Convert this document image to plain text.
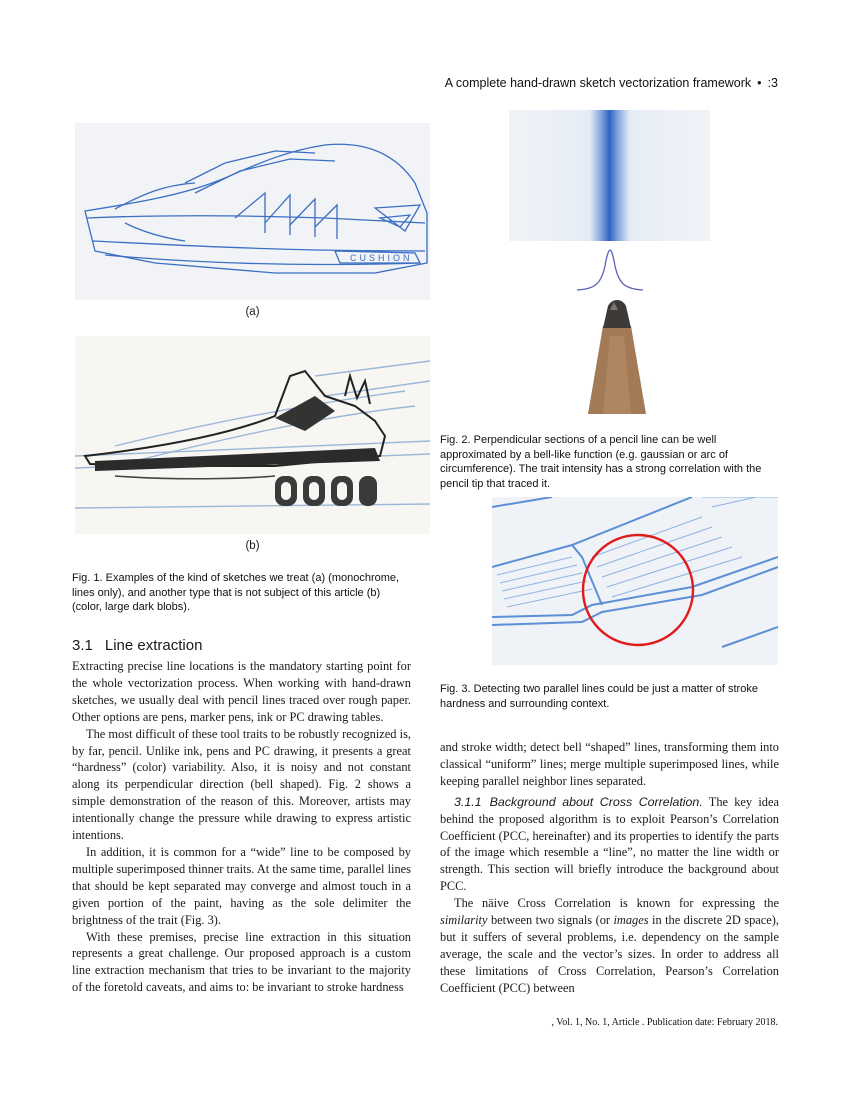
A complete hand-drawn sketch vectorization framework • :3
CUSHION
(a)
(b)
Fig. 1. Examples of the kind of sketches we treat (a) (monochrome, lines only), and another type that is not subject of this article (b) (color, large dark blobs).
Fig. 2. Perpendicular sections of a pencil line can be well approximated by a bell-like function (e.g. gaussian or arc of circumference). The trait intensity has a strong correlation with the pencil tip that traced it.
Fig. 3. Detecting two parallel lines could be just a matter of stroke hardness and surrounding context.
3.1 Line extraction

Extracting precise line locations is the mandatory starting point for the whole vectorization process. When working with hand-drawn sketches, we usually deal with pencil lines traced over rough paper. Other options are pens, marker pens, ink or PC drawing tables.

The most difficult of these tool traits to be robustly recognized is, by far, pencil. Unlike ink, pens and PC drawing, it presents a great “hardness” (color) variability. Also, it is noisy and not constant along its perpendicular direction (bell shaped). Fig. 2 shows a simple demonstration of the reason of this. Moreover, artists may intentionally change the pressure while drawing to express artistic intentions.

In addition, it is common for a “wide” line to be composed by multiple superimposed thinner traits. At the same time, parallel lines that should be kept separated may converge and almost touch in a given portion of the paint, having as the sole delimiter the brightness of the trait (Fig. 3).

With these premises, precise line extraction in this situation represents a great challenge. Our proposed approach is a custom line extraction mechanism that tries to be invariant to the majority of the foretold caveats, and aims to: be invariant to stroke hardness

and stroke width; detect bell “shaped” lines, transforming them into classical “uniform” lines; merge multiple superimposed lines, while keeping parallel neighbor lines separated.

3.1.1 Background about Cross Correlation. The key idea behind the proposed algorithm is to exploit Pearson’s Correlation Coefficient (PCC, hereinafter) and its properties to identify the parts of the image which resemble a “line”, no matter the line width or strength. This section will briefly introduce the background about PCC.

The näive Cross Correlation is known for expressing the similarity between two signals (or images in the discrete 2D space), but it suffers of several problems, i.e. dependency on the sample average, the scale and the vector’s sizes. In order to address all these limitations of Cross Correlation, Pearson’s Correlation Coefficient (PCC) between

, Vol. 1, No. 1, Article . Publication date: February 2018.
